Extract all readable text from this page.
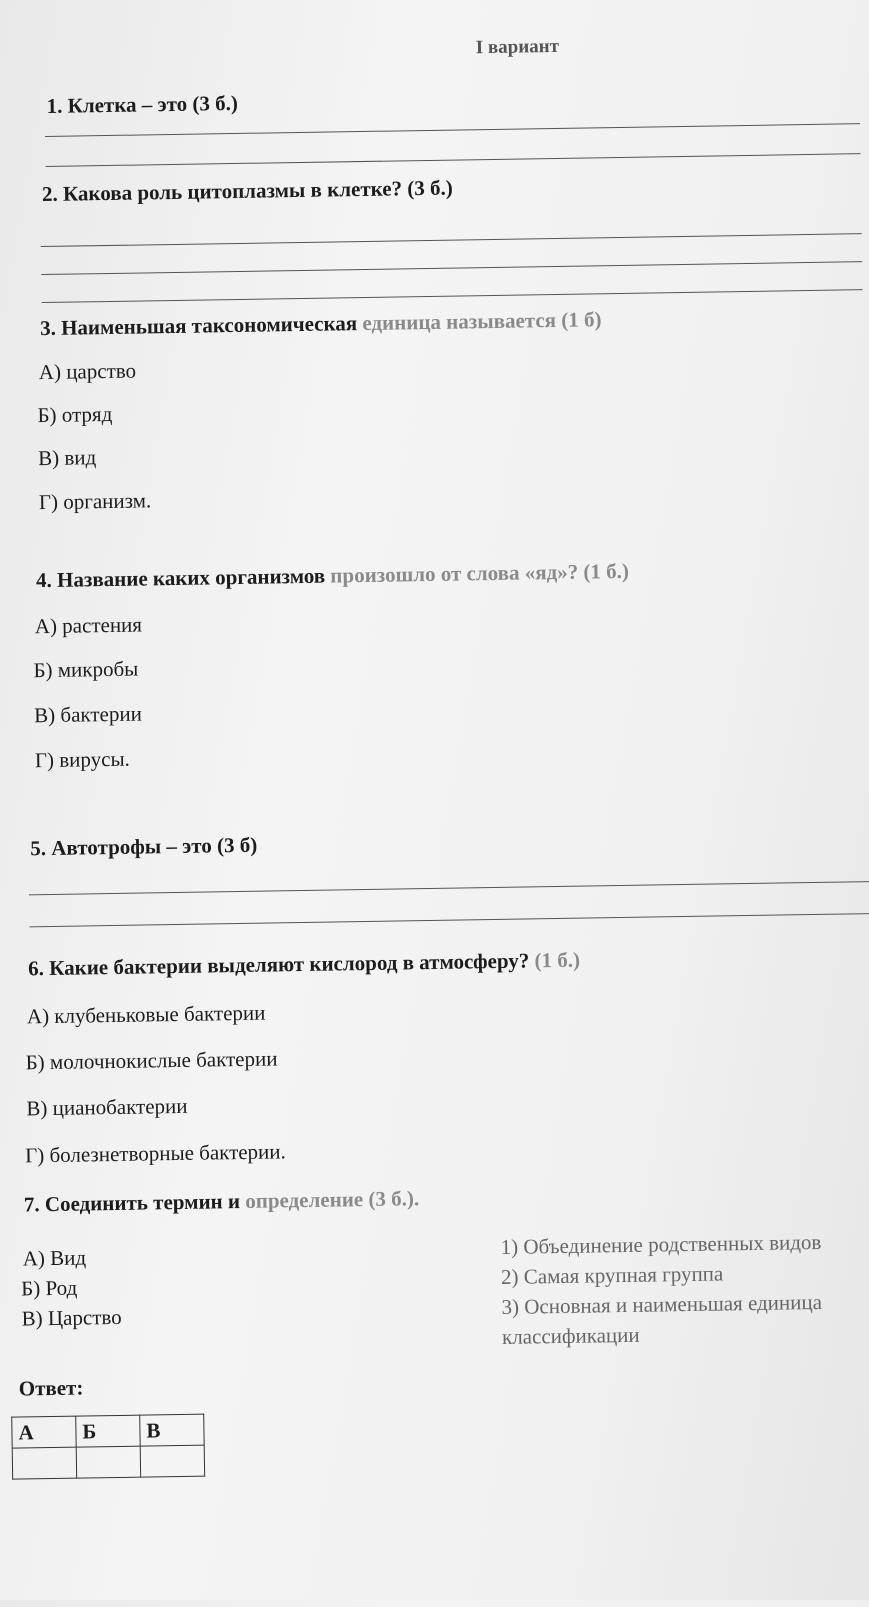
I вариант
1. Клетка – это (3 б.)
2. Какова роль цитоплазмы в клетке? (3 б.)
3. Наименьшая таксономическая единица называется (1 б)
А) царство
Б) отряд
В) вид
Г) организм.
4. Название каких организмов произошло от слова «яд»? (1 б.)
А) растения
Б) микробы
В) бактерии
Г) вирусы.
5. Автотрофы – это (3 б)
6. Какие бактерии выделяют кислород в атмосферу? (1 б.)
А) клубеньковые бактерии
Б) молочнокислые бактерии
В) цианобактерии
Г) болезнетворные бактерии.
7. Соединить термин и определение (3 б.).
А) Вид
Б) Род
В) Царство
1) Объединение родственных видов
2) Самая крупная группа
3) Основная и наименьшая единица
классификации
Ответ:
А	Б	В
